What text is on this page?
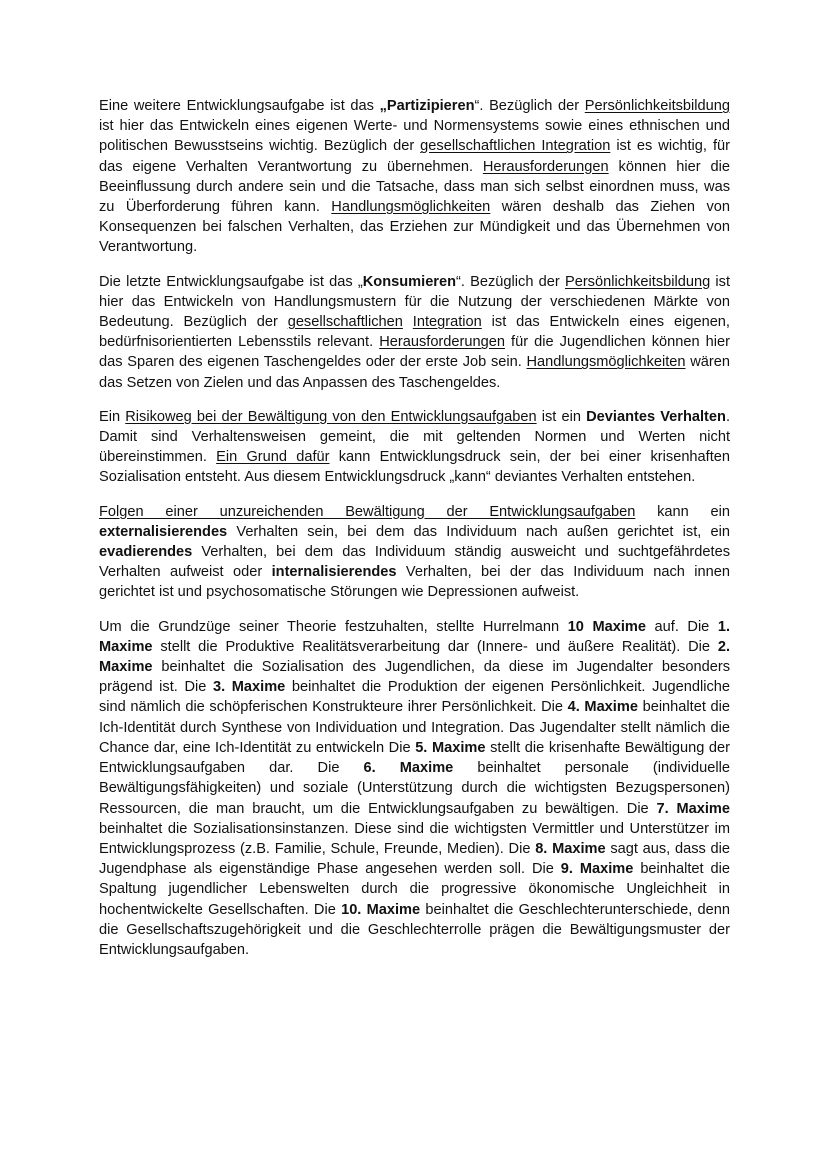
Eine weitere Entwicklungsaufgabe ist das „Partizipieren“. Bezüglich der Persönlichkeitsbildung ist hier das Entwickeln eines eigenen Werte- und Normensystems sowie eines ethnischen und politischen Bewusstseins wichtig. Bezüglich der gesellschaftlichen Integration ist es wichtig, für das eigene Verhalten Verantwortung zu übernehmen. Herausforderungen können hier die Beeinflussung durch andere sein und die Tatsache, dass man sich selbst einordnen muss, was zu Überforderung führen kann. Handlungsmöglichkeiten wären deshalb das Ziehen von Konsequenzen bei falschen Verhalten, das Erziehen zur Mündigkeit und das Übernehmen von Verantwortung.

Die letzte Entwicklungsaufgabe ist das „Konsumieren“. Bezüglich der Persönlichkeitsbildung ist hier das Entwickeln von Handlungsmustern für die Nutzung der verschiedenen Märkte von Bedeutung. Bezüglich der gesellschaftlichen Integration ist das Entwickeln eines eigenen, bedürfnisorientierten Lebensstils relevant. Herausforderungen für die Jugendlichen können hier das Sparen des eigenen Taschengeldes oder der erste Job sein. Handlungsmöglichkeiten wären das Setzen von Zielen und das Anpassen des Taschengeldes.

Ein Risikoweg bei der Bewältigung von den Entwicklungsaufgaben ist ein Deviantes Verhalten. Damit sind Verhaltensweisen gemeint, die mit geltenden Normen und Werten nicht übereinstimmen. Ein Grund dafür kann Entwicklungsdruck sein, der bei einer krisenhaften Sozialisation entsteht. Aus diesem Entwicklungsdruck „kann“ deviantes Verhalten entstehen.

Folgen einer unzureichenden Bewältigung der Entwicklungsaufgaben kann ein externalisierendes Verhalten sein, bei dem das Individuum nach außen gerichtet ist, ein evadierendes Verhalten, bei dem das Individuum ständig ausweicht und suchtgefährdetes Verhalten aufweist oder internalisierendes Verhalten, bei der das Individuum nach innen gerichtet ist und psychosomatische Störungen wie Depressionen aufweist.

Um die Grundzüge seiner Theorie festzuhalten, stellte Hurrelmann 10 Maxime auf. Die 1. Maxime stellt die Produktive Realitätsverarbeitung dar (Innere- und äußere Realität). Die 2. Maxime beinhaltet die Sozialisation des Jugendlichen, da diese im Jugendalter besonders prägend ist. Die 3. Maxime beinhaltet die Produktion der eigenen Persönlichkeit. Jugendliche sind nämlich die schöpferischen Konstrukteure ihrer Persönlichkeit. Die 4. Maxime beinhaltet die Ich-Identität durch Synthese von Individuation und Integration. Das Jugendalter stellt nämlich die Chance dar, eine Ich-Identität zu entwickeln Die 5. Maxime stellt die krisenhafte Bewältigung der Entwicklungsaufgaben dar. Die 6. Maxime beinhaltet personale (individuelle Bewältigungsfähigkeiten) und soziale (Unterstützung durch die wichtigsten Bezugspersonen) Ressourcen, die man braucht, um die Entwicklungsaufgaben zu bewältigen. Die 7. Maxime beinhaltet die Sozialisationsinstanzen. Diese sind die wichtigsten Vermittler und Unterstützer im Entwicklungsprozess (z.B. Familie, Schule, Freunde, Medien). Die 8. Maxime sagt aus, dass die Jugendphase als eigenständige Phase angesehen werden soll. Die 9. Maxime beinhaltet die Spaltung jugendlicher Lebenswelten durch die progressive ökonomische Ungleichheit in hochentwickelte Gesellschaften. Die 10. Maxime beinhaltet die Geschlechterunterschiede, denn die Gesellschaftszugehörigkeit und die Geschlechterrolle prägen die Bewältigungsmuster der Entwicklungsaufgaben.
